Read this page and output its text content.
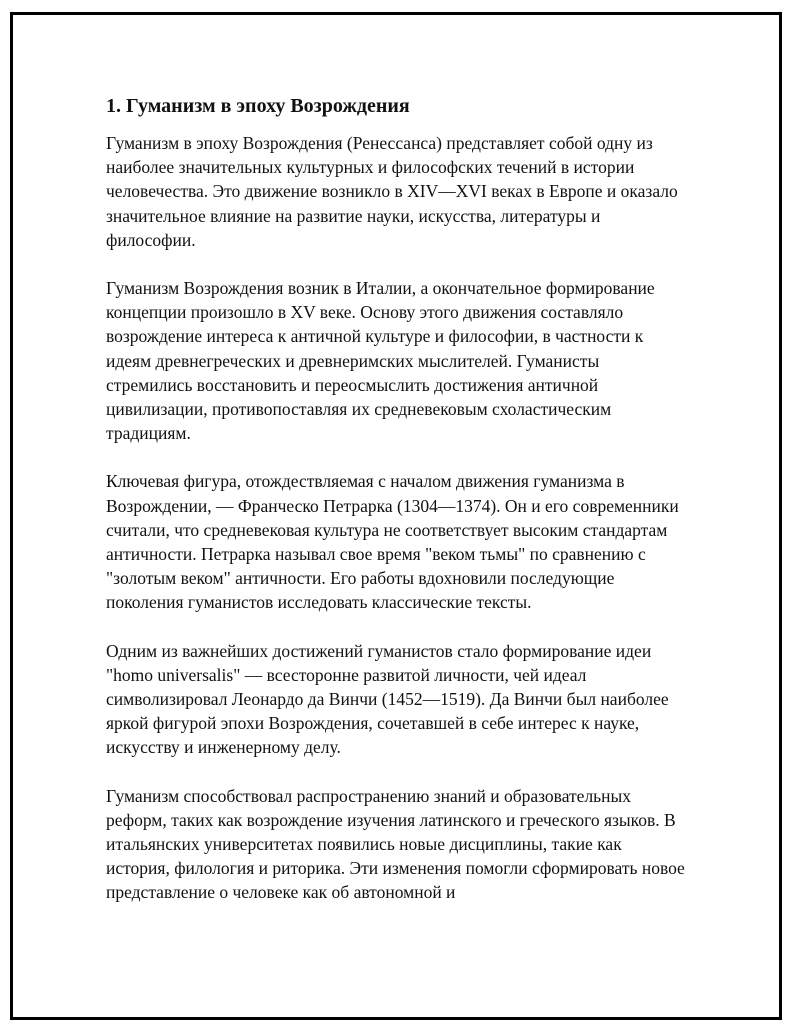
1. Гуманизм в эпоху Возрождения

Гуманизм в эпоху Возрождения (Ренессанса) представляет собой одну из наиболее значительных культурных и философских течений в истории человечества. Это движение возникло в XIV—XVI веках в Европе и оказало значительное влияние на развитие науки, искусства, литературы и философии.

Гуманизм Возрождения возник в Италии, а окончательное формирование концепции произошло в XV веке. Основу этого движения составляло возрождение интереса к античной культуре и философии, в частности к идеям древнегреческих и древнеримских мыслителей. Гуманисты стремились восстановить и переосмыслить достижения античной цивилизации, противопоставляя их средневековым схоластическим традициям.

Ключевая фигура, отождествляемая с началом движения гуманизма в Возрождении, — Франческо Петрарка (1304—1374). Он и его современники считали, что средневековая культура не соответствует высоким стандартам античности. Петрарка называл свое время "веком тьмы" по сравнению с "золотым веком" античности. Его работы вдохновили последующие поколения гуманистов исследовать классические тексты.

Одним из важнейших достижений гуманистов стало формирование идеи "homo universalis" — всесторонне развитой личности, чей идеал символизировал Леонардо да Винчи (1452—1519). Да Винчи был наиболее яркой фигурой эпохи Возрождения, сочетавшей в себе интерес к науке, искусству и инженерному делу.

Гуманизм способствовал распространению знаний и образовательных реформ, таких как возрождение изучения латинского и греческого языков. В итальянских университетах появились новые дисциплины, такие как история, филология и риторика. Эти изменения помогли сформировать новое представление о человеке как об автономной и
